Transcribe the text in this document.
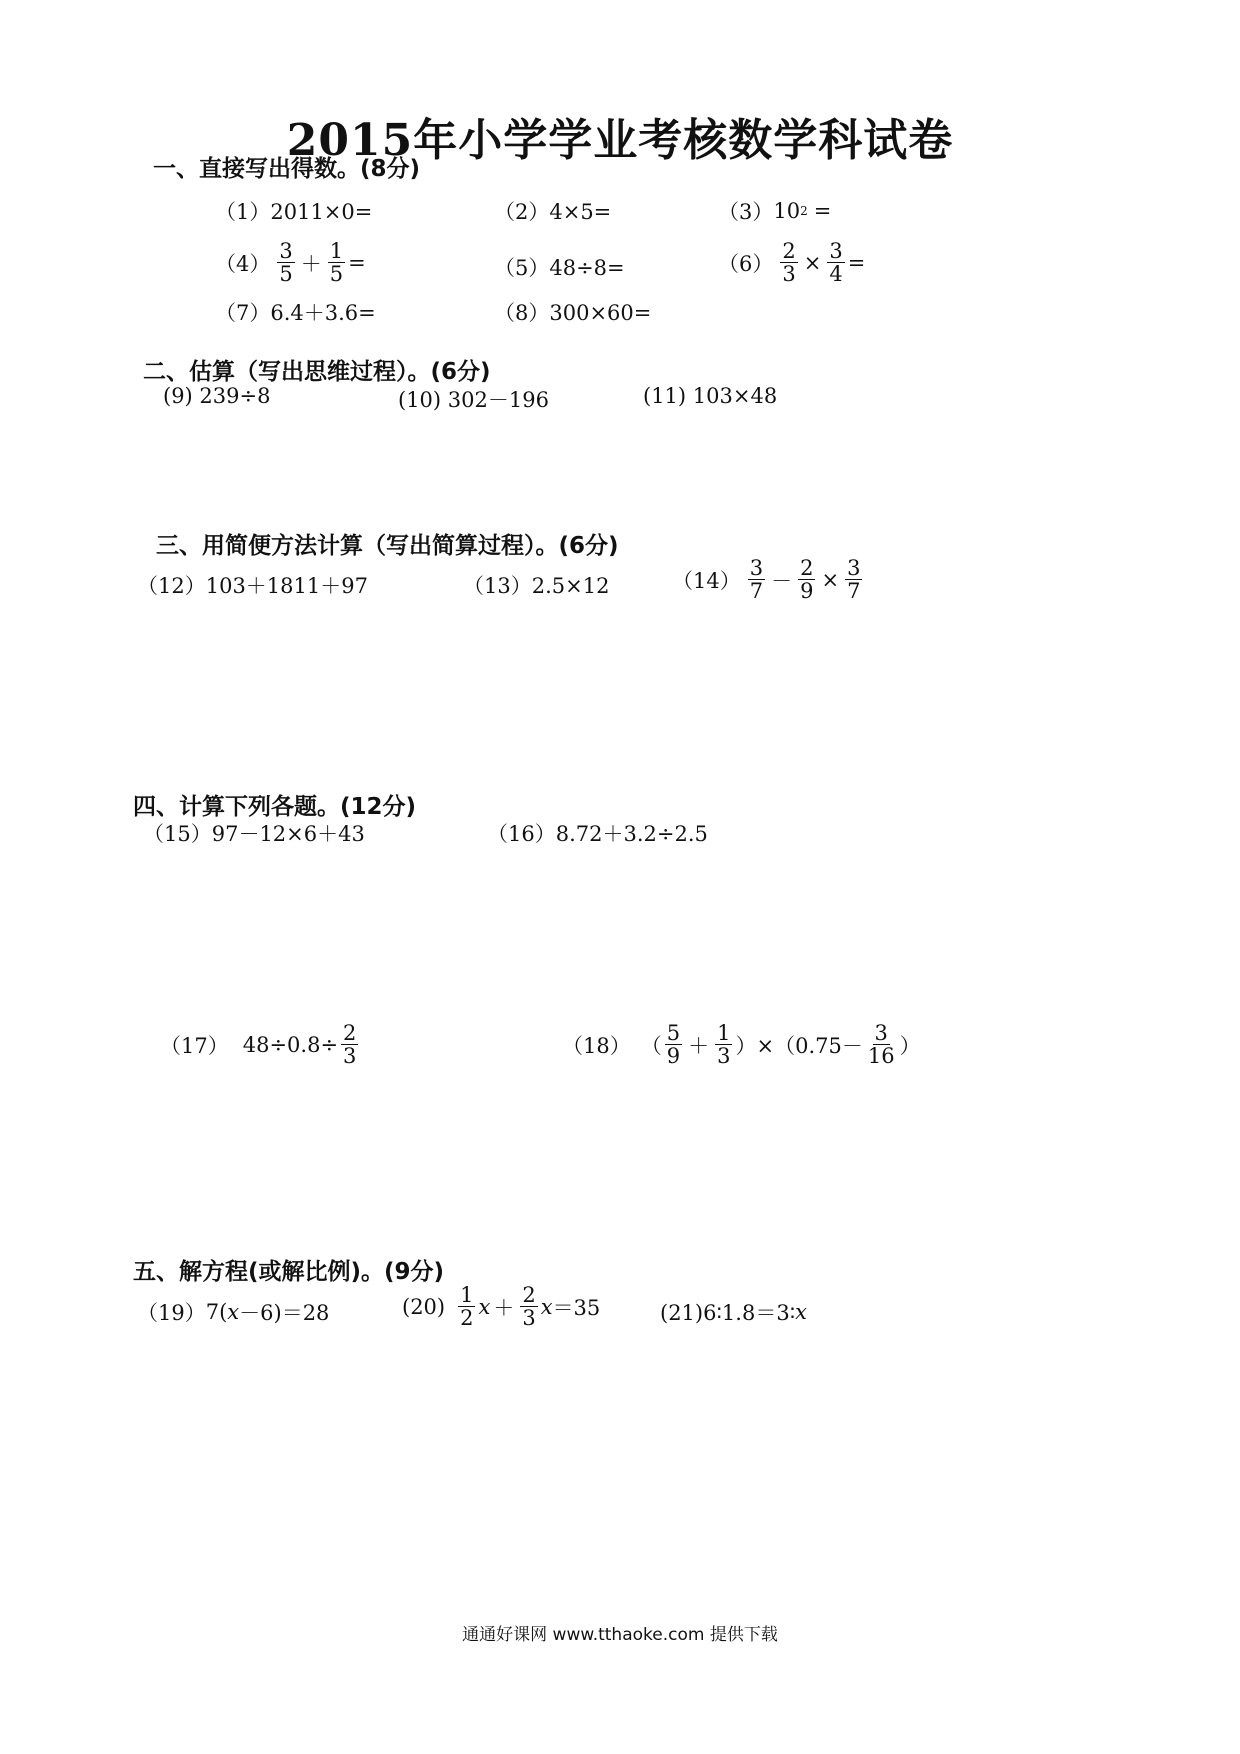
2015年小学学业考核数学科试卷
一、直接写出得数。(8分)
（1）2011×0=	（2）4×5=	（3） 10 2 =
$(4) \frac{3}{5} + \frac{1}{5}$ =	（5）48÷8=	$(6) \frac{2}{3} \times \frac{3}{4}$ =
（7）6.4＋3.6=	（8）300×60=
二、估算（写出思维过程）。(6分)
(9) 239÷8	(10) 302－196	(11) 103×48
三、用简便方法计算（写出简算过程）。(6分)
（12）103＋1811＋97	（13）2.5×12	$(14) \frac{3}{7} - \frac{2}{9} \times \frac{3}{7}$
四、计算下列各题。(12分)
（15）97－12×6＋43	（16）8.72＋3.2÷2.5
（17） $48\div 0.8\div \frac{2}{3}$	（18） （ $\frac{5}{9} + \frac{1}{3} )\times(0.75- \frac{3}{16}$ ）
五、解方程(或解比例)。(9分)
（19） 7( x －6)＝28	$(20) \frac{1}{2}$ $x + \frac{2}{3}$ x ＝35	(21)6∶1.8＝3∶ x
通通好课网 www.tthaoke.com 提供下载
